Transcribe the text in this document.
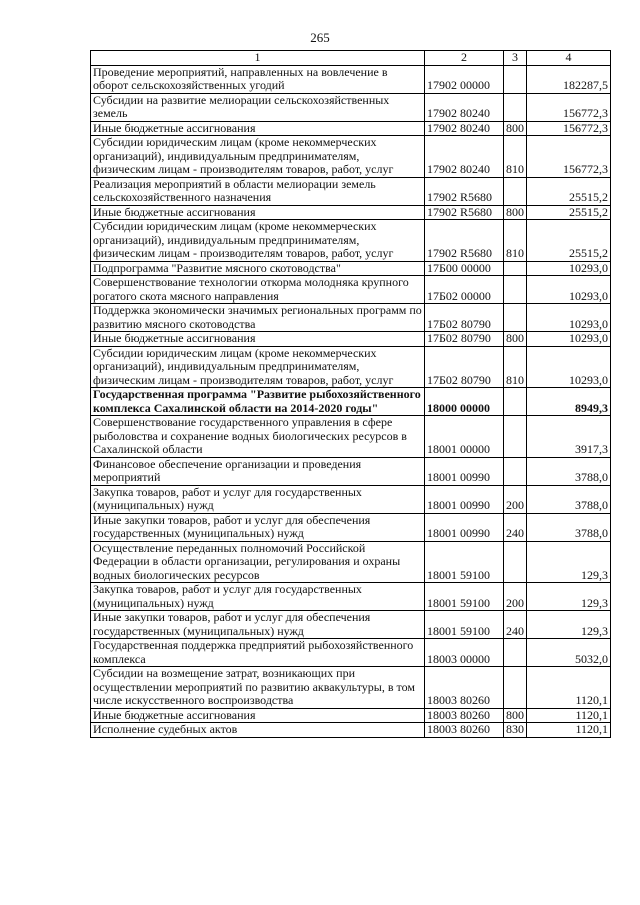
265
1	2	3	4
Проведение мероприятий, направленных на вовлечение в оборот сельскохозяйственных угодий	17902 00000		182287,5
Субсидии на развитие мелиорации сельскохозяйственных земель	17902 80240		156772,3
Иные бюджетные ассигнования	17902 80240	800	156772,3
Субсидии юридическим лицам (кроме некоммерческих организаций), индивидуальным предпринимателям, физическим лицам - производителям товаров, работ, услуг	17902 80240	810	156772,3
Реализация мероприятий в области мелиорации земель сельскохозяйственного назначения	17902 R5680		25515,2
Иные бюджетные ассигнования	17902 R5680	800	25515,2
Субсидии юридическим лицам (кроме некоммерческих организаций), индивидуальным предпринимателям, физическим лицам - производителям товаров, работ, услуг	17902 R5680	810	25515,2
Подпрограмма "Развитие мясного скотоводства"	17Б00 00000		10293,0
Совершенствование технологии откорма молодняка крупного рогатого скота мясного направления	17Б02 00000		10293,0
Поддержка экономически значимых региональных программ по развитию мясного скотоводства	17Б02 80790		10293,0
Иные бюджетные ассигнования	17Б02 80790	800	10293,0
Субсидии юридическим лицам (кроме некоммерческих организаций), индивидуальным предпринимателям, физическим лицам - производителям товаров, работ, услуг	17Б02 80790	810	10293,0
Государственная программа "Развитие рыбохозяйственного комплекса Сахалинской области на 2014-2020 годы"	18000 00000		8949,3
Совершенствование государственного управления в сфере рыболовства и сохранение водных биологических ресурсов в Сахалинской области	18001 00000		3917,3
Финансовое обеспечение организации и проведения мероприятий	18001 00990		3788,0
Закупка товаров, работ и услуг для государственных (муниципальных) нужд	18001 00990	200	3788,0
Иные закупки товаров, работ и услуг для обеспечения государственных (муниципальных) нужд	18001 00990	240	3788,0
Осуществление переданных полномочий Российской Федерации в области организации, регулирования и охраны водных биологических ресурсов	18001 59100		129,3
Закупка товаров, работ и услуг для государственных (муниципальных) нужд	18001 59100	200	129,3
Иные закупки товаров, работ и услуг для обеспечения государственных (муниципальных) нужд	18001 59100	240	129,3
Государственная поддержка предприятий рыбохозяйственного комплекса	18003 00000		5032,0
Субсидии на возмещение затрат, возникающих при осуществлении мероприятий по развитию аквакультуры, в том числе искусственного воспроизводства	18003 80260		1120,1
Иные бюджетные ассигнования	18003 80260	800	1120,1
Исполнение судебных актов	18003 80260	830	1120,1
